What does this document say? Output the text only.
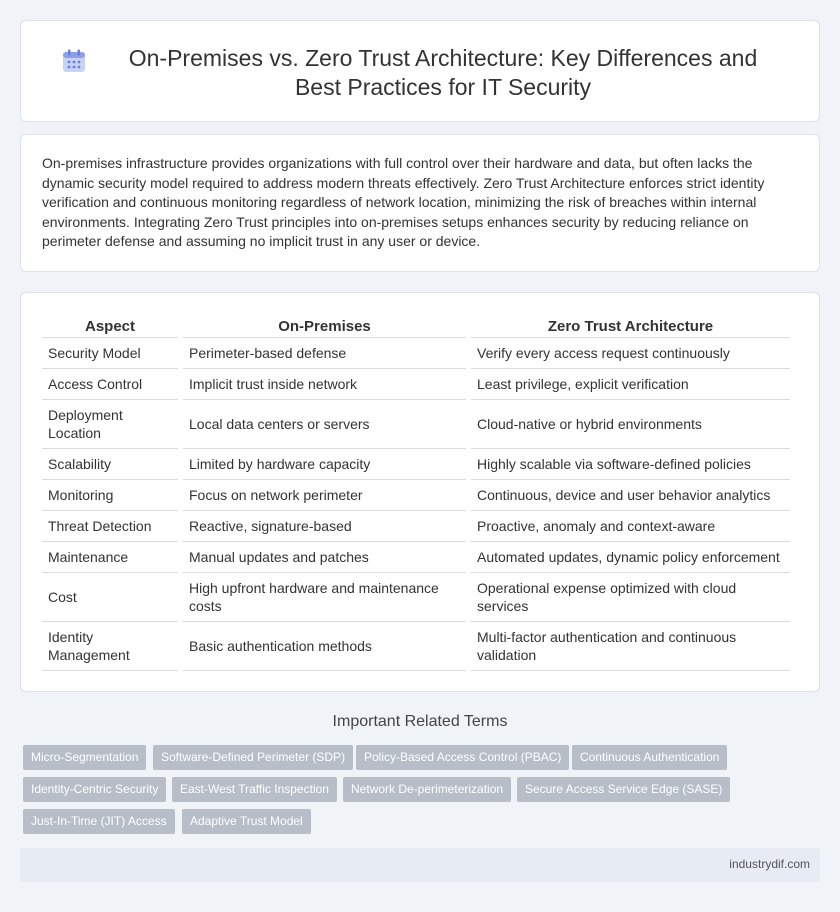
On-Premises vs. Zero Trust Architecture: Key Differences and Best Practices for IT Security

On-premises infrastructure provides organizations with full control over their hardware and data, but often lacks the dynamic security model required to address modern threats effectively. Zero Trust Architecture enforces strict identity verification and continuous monitoring regardless of network location, minimizing the risk of breaches within internal environments. Integrating Zero Trust principles into on-premises setups enhances security by reducing reliance on perimeter defense and assuming no implicit trust in any user or device.

Aspect	On-Premises	Zero Trust Architecture
Security Model	Perimeter-based defense	Verify every access request continuously
Access Control	Implicit trust inside network	Least privilege, explicit verification
Deployment Location	Local data centers or servers	Cloud-native or hybrid environments
Scalability	Limited by hardware capacity	Highly scalable via software-defined policies
Monitoring	Focus on network perimeter	Continuous, device and user behavior analytics
Threat Detection	Reactive, signature-based	Proactive, anomaly and context-aware
Maintenance	Manual updates and patches	Automated updates, dynamic policy enforcement
Cost	High upfront hardware and maintenance costs	Operational expense optimized with cloud services
Identity Management	Basic authentication methods	Multi-factor authentication and continuous validation
Important Related Terms
Micro-Segmentation	Software-Defined Perimeter (SDP)	Policy-Based Access Control (PBAC)	Continuous Authentication
Identity-Centric Security	East-West Traffic Inspection	Network De-perimeterization	Secure Access Service Edge (SASE)
Just-In-Time (JIT) Access	Adaptive Trust Model
industrydif.com
